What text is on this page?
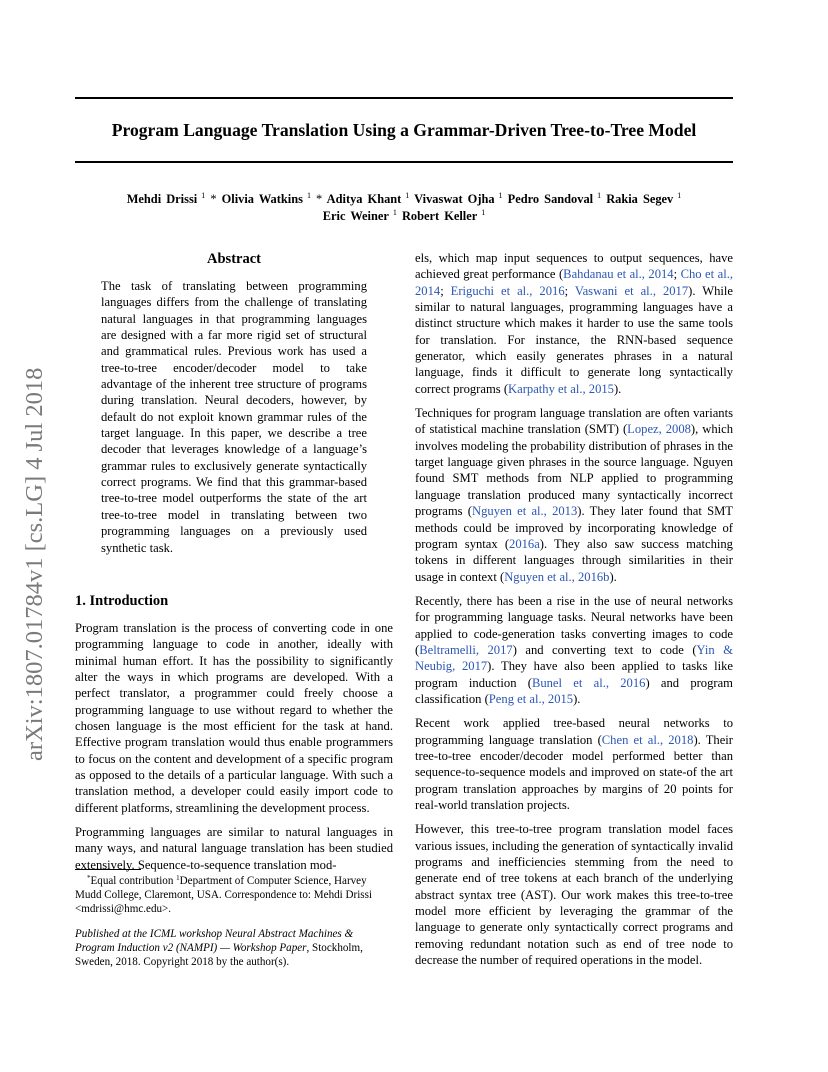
Program Language Translation Using a Grammar-Driven Tree-to-Tree Model
Mehdi Drissi $^1$ * Olivia Watkins $^1$ * Aditya Khant $^1$ Vivaswat Ojha $^1$ Pedro Sandoval $^1$ Rakia Segev $^1$
Eric Weiner $^1$ Robert Keller $^1$
arXiv:1807.01784v1 [cs.LG] 4 Jul 2018
Abstract
The task of translating between programming languages differs from the challenge of translating natural languages in that programming languages are designed with a far more rigid set of structural and grammatical rules. Previous work has used a tree-to-tree encoder/decoder model to take advantage of the inherent tree structure of programs during translation. Neural decoders, however, by default do not exploit known grammar rules of the target language. In this paper, we describe a tree decoder that leverages knowledge of a language’s grammar rules to exclusively generate syntactically correct programs. We find that this grammar-based tree-to-tree model outperforms the state of the art tree-to-tree model in translating between two programming languages on a previously used synthetic task.
1. Introduction
Program translation is the process of converting code in one programming language to code in another, ideally with minimal human effort. It has the possibility to significantly alter the ways in which programs are developed. With a perfect translator, a programmer could freely choose a programming language to use without regard to whether the chosen language is the most efficient for the task at hand. Effective program translation would thus enable programmers to focus on the content and development of a specific program as opposed to the details of a particular language. With such a translation method, a developer could easily import code to different platforms, streamlining the development process.
Programming languages are similar to natural languages in many ways, and natural language translation has been studied extensively. Sequence-to-sequence translation mod-
*Equal contribution $^1$Department of Computer Science, Harvey Mudd College, Claremont, USA. Correspondence to: Mehdi Drissi <mdrissi@hmc.edu>.
Published at the ICML workshop Neural Abstract Machines & Program Induction v2 (NAMPI) — Workshop Paper, Stockholm, Sweden, 2018. Copyright 2018 by the author(s).
els, which map input sequences to output sequences, have achieved great performance (Bahdanau et al., 2014; Cho et al., 2014; Eriguchi et al., 2016; Vaswani et al., 2017). While similar to natural languages, programming languages have a distinct structure which makes it harder to use the same tools for translation. For instance, the RNN-based sequence generator, which easily generates phrases in a natural language, finds it difficult to generate long syntactically correct programs (Karpathy et al., 2015).
Techniques for program language translation are often variants of statistical machine translation (SMT) (Lopez, 2008), which involves modeling the probability distribution of phrases in the target language given phrases in the source language. Nguyen found SMT methods from NLP applied to programming language translation produced many syntactically incorrect programs (Nguyen et al., 2013). They later found that SMT methods could be improved by incorporating knowledge of program syntax (2016a). They also saw success matching tokens in different languages through similarities in their usage in context (Nguyen et al., 2016b).
Recently, there has been a rise in the use of neural networks for programming language tasks. Neural networks have been applied to code-generation tasks converting images to code (Beltramelli, 2017) and converting text to code (Yin & Neubig, 2017). They have also been applied to tasks like program induction (Bunel et al., 2016) and program classification (Peng et al., 2015).
Recent work applied tree-based neural networks to programming language translation (Chen et al., 2018). Their tree-to-tree encoder/decoder model performed better than sequence-to-sequence models and improved on state-of the art program translation approaches by margins of 20 points for real-world translation projects.
However, this tree-to-tree program translation model faces various issues, including the generation of syntactically invalid programs and inefficiencies stemming from the need to generate end of tree tokens at each branch of the underlying abstract syntax tree (AST). Our work makes this tree-to-tree model more efficient by leveraging the grammar of the language to generate only syntactically correct programs and removing redundant notation such as end of tree node to decrease the number of required operations in the model.
